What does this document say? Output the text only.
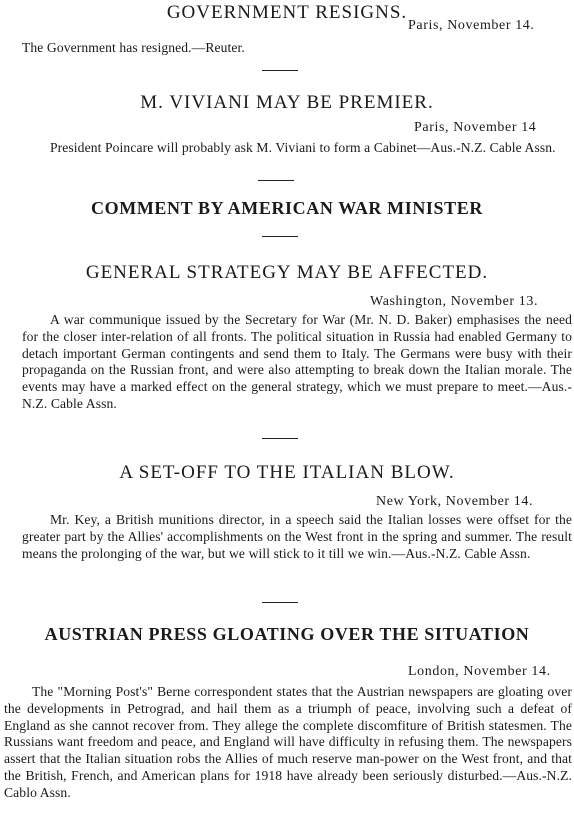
GOVERNMENT RESIGNS.
Paris, November 14.
The Government has resigned.—Reuter.
M. VIVIANI MAY BE PREMIER.
Paris, November 14
President Poincare will probably ask M. Viviani to form a Cabinet—Aus.-N.Z. Cable Assn.
COMMENT BY AMERICAN WAR MINISTER
GENERAL STRATEGY MAY BE AFFECTED.
Washington, November 13.
A war communique issued by the Secretary for War (Mr. N. D. Baker) emphasises the need for the closer inter-relation of all fronts. The political situation in Russia had enabled Germany to detach important German contingents and send them to Italy. The Germans were busy with their propaganda on the Russian front, and were also attempting to break down the Italian morale. The events may have a marked effect on the general strategy, which we must prepare to meet.—Aus.-N.Z. Cable Assn.
A SET-OFF TO THE ITALIAN BLOW.
New York, November 14.
Mr. Key, a British munitions director, in a speech said the Italian losses were offset for the greater part by the Allies' accomplishments on the West front in the spring and summer. The result means the prolonging of the war, but we will stick to it till we win.—Aus.-N.Z. Cable Assn.
AUSTRIAN PRESS GLOATING OVER THE SITUATION
London, November 14.
The "Morning Post's" Berne correspondent states that the Austrian newspapers are gloating over the developments in Petrograd, and hail them as a triumph of peace, involving such a defeat of England as she cannot recover from. They allege the complete discomfiture of British statesmen. The Russians want freedom and peace, and England will have difficulty in refusing them. The newspapers assert that the Italian situation robs the Allies of much reserve man-power on the West front, and that the British, French, and American plans for 1918 have already been seriously disturbed.—Aus.-N.Z. Cablo Assn.
